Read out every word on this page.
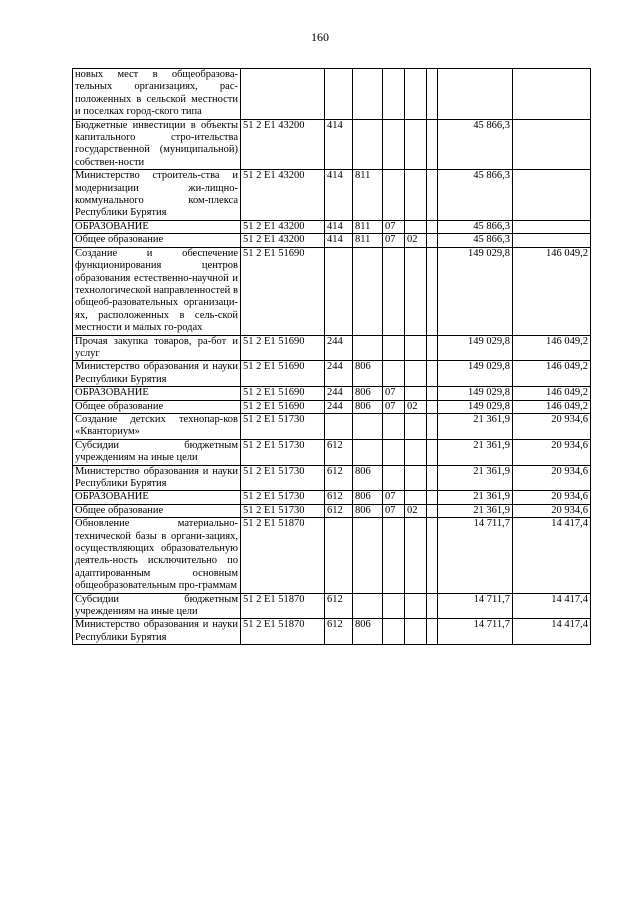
160
новых мест в общеобразова-тельных организациях, рас-положенных в сельской местности и поселках город-ского типа								
Бюджетные инвестиции в объекты капитального стро-ительства государственной (муниципальной) собствен-ности	51 2 E1 43200	414					45 866,3	
Министерство строитель-ства и модернизации жи-лищно-коммунального ком-плекса Республики Бурятия	51 2 E1 43200	414	811				45 866,3	
ОБРАЗОВАНИЕ	51 2 E1 43200	414	811	07			45 866,3	
Общее образование	51 2 E1 43200	414	811	07	02		45 866,3	
Создание и обеспечение функционирования центров образования естественно-научной и технологической направленностей в общеоб-разовательных организаци-ях, расположенных в сель-ской местности и малых го-родах	51 2 E1 51690						149 029,8	146 049,2
Прочая закупка товаров, ра-бот и услуг	51 2 E1 51690	244					149 029,8	146 049,2
Министерство образования и науки Республики Бурятия	51 2 E1 51690	244	806				149 029,8	146 049,2
ОБРАЗОВАНИЕ	51 2 E1 51690	244	806	07			149 029,8	146 049,2
Общее образование	51 2 E1 51690	244	806	07	02		149 029,8	146 049,2
Создание детских технопар-ков «Кванториум»	51 2 E1 51730						21 361,9	20 934,6
Субсидии бюджетным учреждениям на иные цели	51 2 E1 51730	612					21 361,9	20 934,6
Министерство образования и науки Республики Бурятия	51 2 E1 51730	612	806				21 361,9	20 934,6
ОБРАЗОВАНИЕ	51 2 E1 51730	612	806	07			21 361,9	20 934,6
Общее образование	51 2 E1 51730	612	806	07	02		21 361,9	20 934,6
Обновление материально-технической базы в органи-зациях, осуществляющих образовательную деятель-ность исключительно по адаптированным основным общеобразовательным про-граммам	51 2 E1 51870						14 711,7	14 417,4
Субсидии бюджетным учреждениям на иные цели	51 2 E1 51870	612					14 711,7	14 417,4
Министерство образования и науки Республики Бурятия	51 2 E1 51870	612	806				14 711,7	14 417,4
